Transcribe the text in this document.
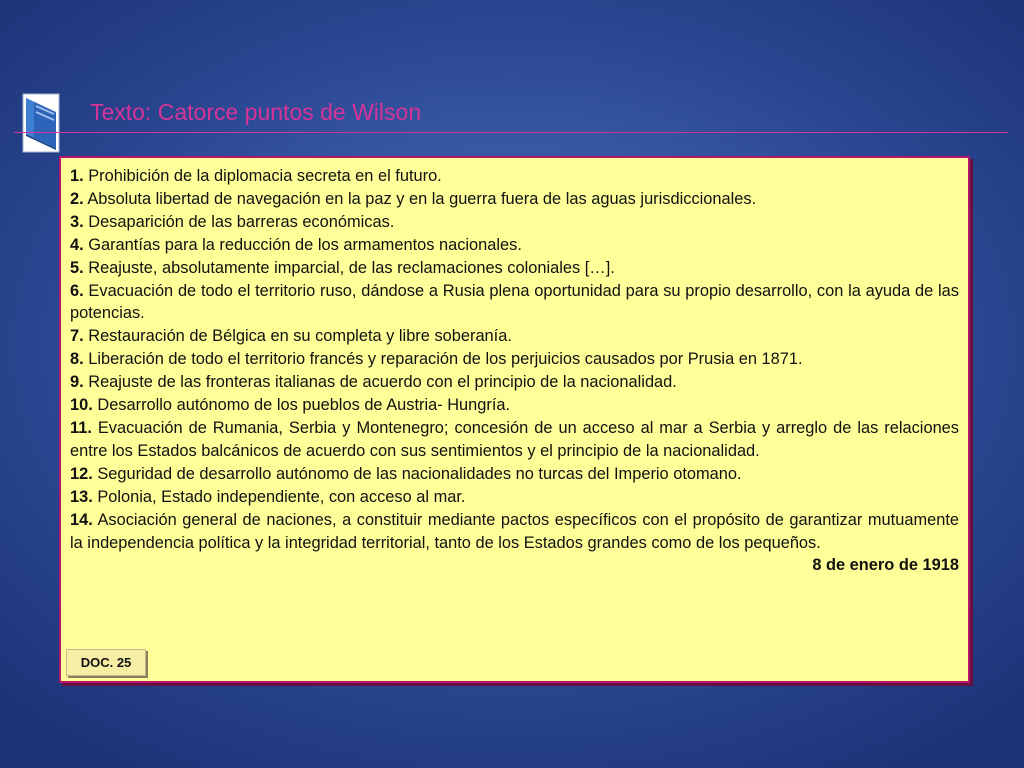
Texto: Catorce puntos de Wilson

1. Prohibición de la diplomacia secreta en el futuro.

2. Absoluta libertad de navegación en la paz y en la guerra fuera de las aguas jurisdiccionales.

3. Desaparición de las barreras económicas.

4. Garantías para la reducción de los armamentos nacionales.

5. Reajuste, absolutamente imparcial, de las reclamaciones coloniales […].

6. Evacuación de todo el territorio ruso, dándose a Rusia plena oportunidad para su propio desarrollo, con la ayuda de las potencias.

7. Restauración de Bélgica en su completa y libre soberanía.

8. Liberación de todo el territorio francés y reparación de los perjuicios causados por Prusia en 1871.

9. Reajuste de las fronteras italianas de acuerdo con el principio de la nacionalidad.

10. Desarrollo autónomo de los pueblos de Austria- Hungría.

11. Evacuación de Rumania, Serbia y Montenegro; concesión de un acceso al mar a Serbia y arreglo de las relaciones entre los Estados balcánicos de acuerdo con sus sentimientos y el principio de la nacionalidad.

12. Seguridad de desarrollo autónomo de las nacionalidades no turcas del Imperio otomano.

13. Polonia, Estado independiente, con acceso al mar.

14. Asociación general de naciones, a constituir mediante pactos específicos con el propósito de garantizar mutuamente la independencia política y la integridad territorial, tanto de los Estados grandes como de los pequeños.

8 de enero de 1918
DOC. 25
